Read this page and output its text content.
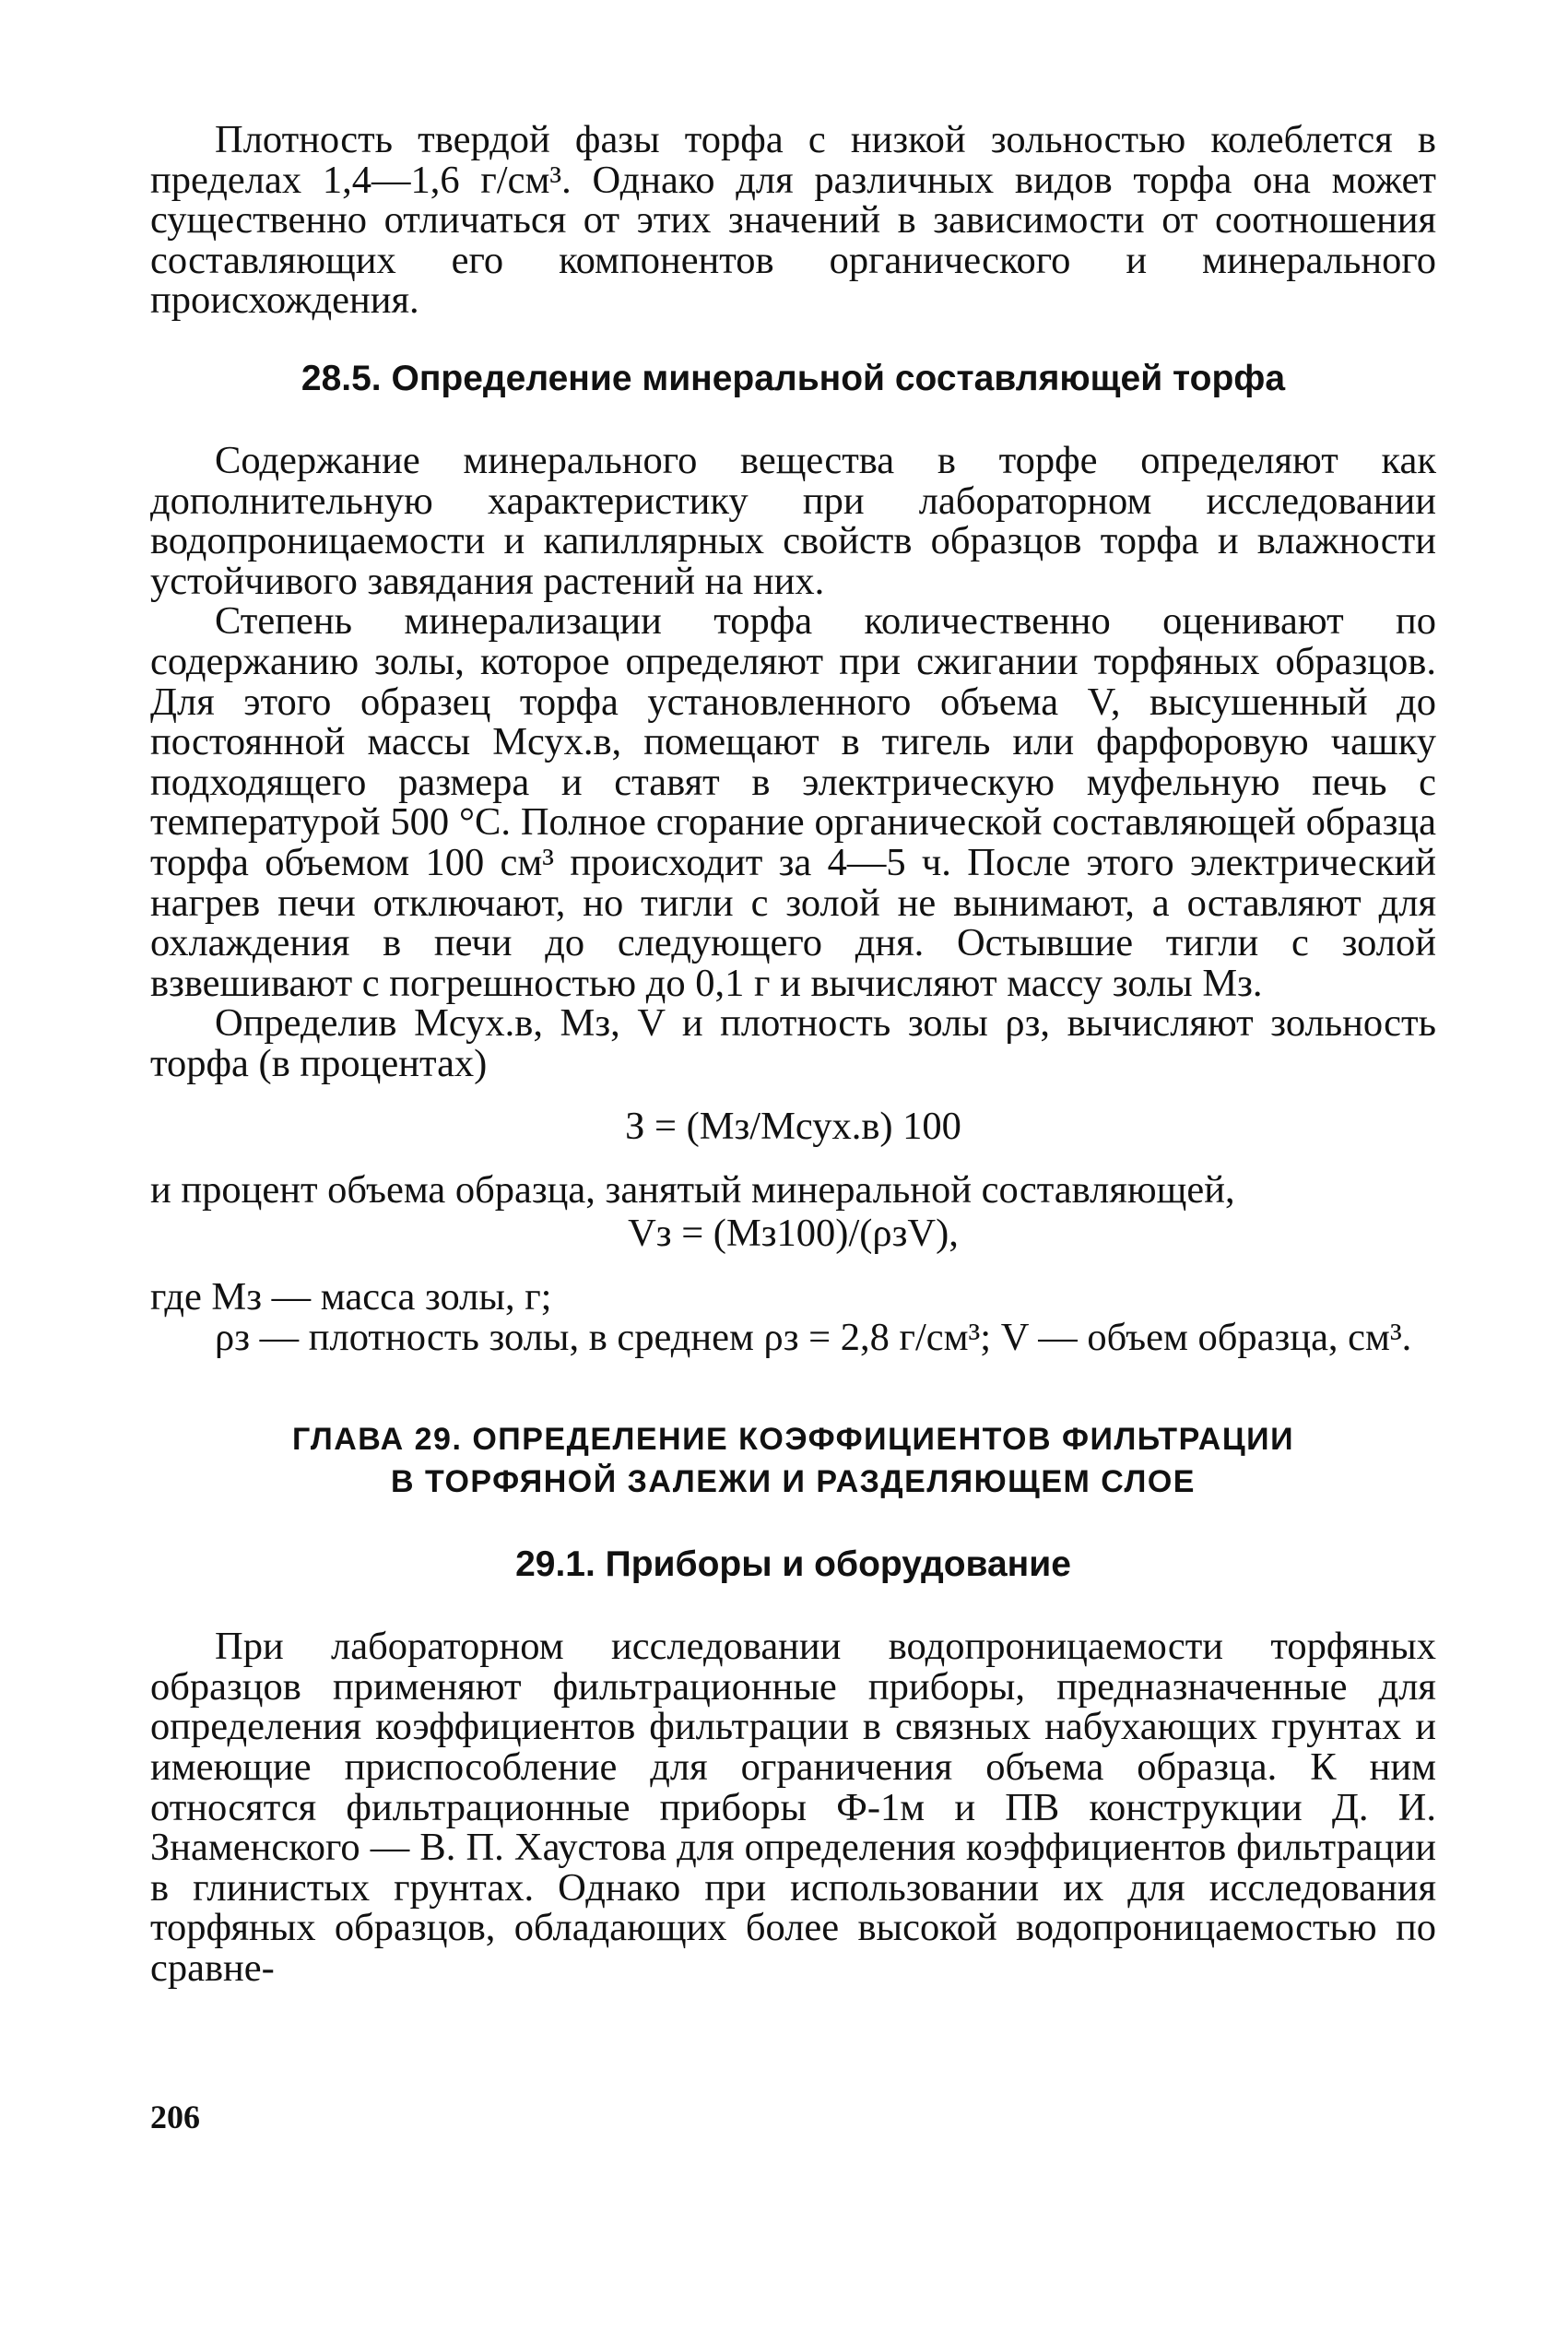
Плотность твердой фазы торфа с низкой зольностью колеблется в пределах 1,4—1,6 г/см³. Однако для различных видов торфа она может существенно отличаться от этих значений в зависимости от соотношения составляющих его компонентов органического и минерального происхождения.

28.5. Определение минеральной составляющей торфа

Содержание минерального вещества в торфе определяют как дополнительную характеристику при лабораторном исследовании водопроницаемости и капиллярных свойств образцов торфа и влажности устойчивого завядания растений на них.

Степень минерализации торфа количественно оценивают по содержанию золы, которое определяют при сжигании торфяных образцов. Для этого образец торфа установленного объема V, высушенный до постоянной массы Mсух.в, помещают в тигель или фарфоровую чашку подходящего размера и ставят в электрическую муфельную печь с температурой 500 °С. Полное сгорание органической составляющей образца торфа объемом 100 см³ происходит за 4—5 ч. После этого электрический нагрев печи отключают, но тигли с золой не вынимают, а оставляют для охлаждения в печи до следующего дня. Остывшие тигли с золой взвешивают с погрешностью до 0,1 г и вычисляют массу золы Mз.

Определив Mсух.в, Mз, V и плотность золы ρз, вычисляют зольность торфа (в процентах)

З = (Mз/Mсух.в) 100

и процент объема образца, занятый минеральной составляющей,

Vз = (Mз100)/(ρзV),

где Mз — масса золы, г;

ρз — плотность золы, в среднем ρз = 2,8 г/см³; V — объем образца, см³.

ГЛАВА 29. ОПРЕДЕЛЕНИЕ КОЭФФИЦИЕНТОВ ФИЛЬТРАЦИИ
В ТОРФЯНОЙ ЗАЛЕЖИ И РАЗДЕЛЯЮЩЕМ СЛОЕ
29.1. Приборы и оборудование

При лабораторном исследовании водопроницаемости торфяных образцов применяют фильтрационные приборы, предназначенные для определения коэффициентов фильтрации в связных набухающих грунтах и имеющие приспособление для ограничения объема образца. К ним относятся фильтрационные приборы Ф-1м и ПВ конструкции Д. И. Знаменского — В. П. Хаустова для определения коэффициентов фильтрации в глинистых грунтах. Однако при использовании их для исследования торфяных образцов, обладающих более высокой водопроницаемостью по сравне-

206
